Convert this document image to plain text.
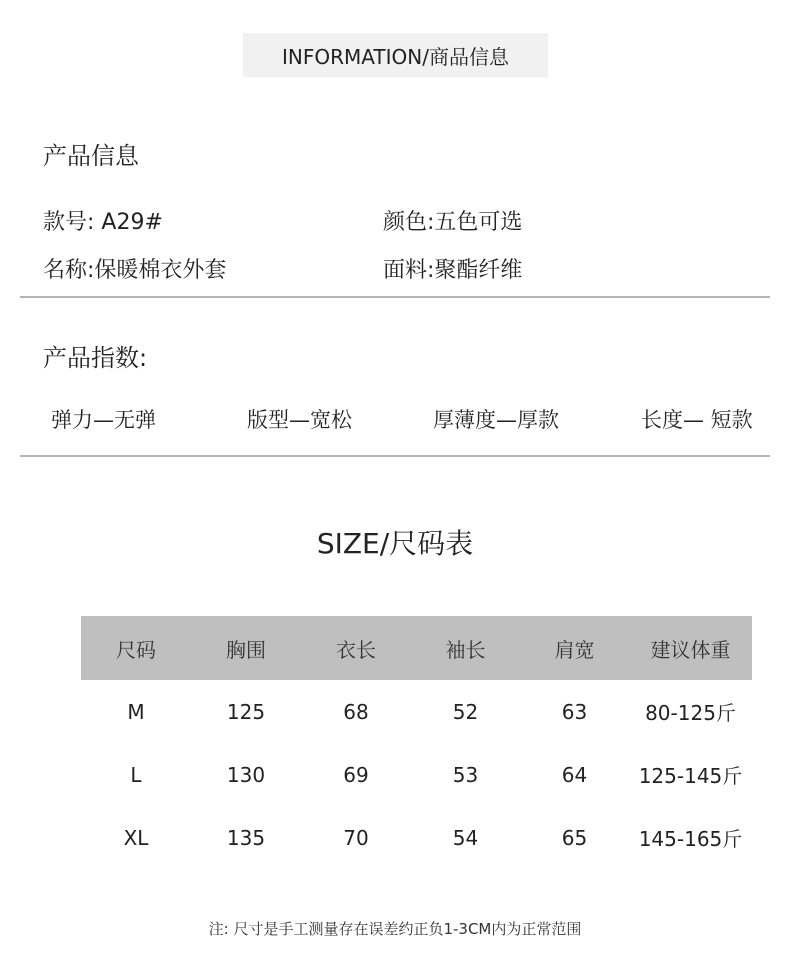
INFORMATION/商品信息
产品信息
款号: A29#	颜色:五色可选
名称:保暖棉衣外套	面料:聚酯纤维
产品指数:
弹力—无弹	版型—宽松	厚薄度—厚款	长度— 短款
SIZE/尺码表
尺码	胸围	衣长	袖长	肩宽	建议体重
M	125	68	52	63	80-125斤
L	130	69	53	64	125-145斤
XL	135	70	54	65	145-165斤
注: 尺寸是手工测量存在误差约正负1-3CM内为正常范围
